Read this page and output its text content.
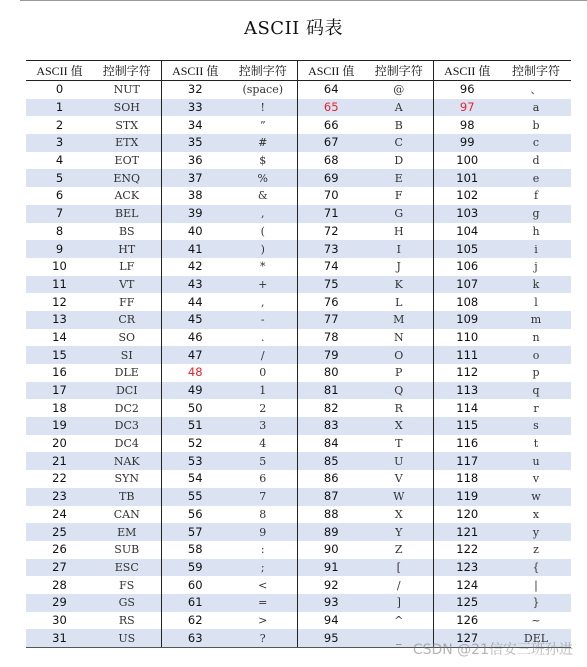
ASCII 码表
ASCII 值	控制字符	ASCII 值	控制字符	ASCII 值	控制字符	ASCII 值	控制字符
0	NUT	32	(space)	64	@	96	、
1	SOH	33	!	65	A	97	a
2	STX	34	”	66	B	98	b
3	ETX	35	#	67	C	99	c
4	EOT	36	$	68	D	100	d
5	ENQ	37	%	69	E	101	e
6	ACK	38	&	70	F	102	f
7	BEL	39	,	71	G	103	g
8	BS	40	(	72	H	104	h
9	HT	41	)	73	I	105	i
10	LF	42	*	74	J	106	j
11	VT	43	+	75	K	107	k
12	FF	44	,	76	L	108	l
13	CR	45	-	77	M	109	m
14	SO	46	.	78	N	110	n
15	SI	47	/	79	O	111	o
16	DLE	48	0	80	P	112	p
17	DCI	49	1	81	Q	113	q
18	DC2	50	2	82	R	114	r
19	DC3	51	3	83	X	115	s
20	DC4	52	4	84	T	116	t
21	NAK	53	5	85	U	117	u
22	SYN	54	6	86	V	118	v
23	TB	55	7	87	W	119	w
24	CAN	56	8	88	X	120	x
25	EM	57	9	89	Y	121	y
26	SUB	58	:	90	Z	122	z
27	ESC	59	;	91	[	123	{
28	FS	60	<	92	/	124	|
29	GS	61	=	93	]	125	}
30	RS	62	>	94	^	126	~
31	US	63	?	95	_	127	DEL
CSDN @21信安三班孙进
